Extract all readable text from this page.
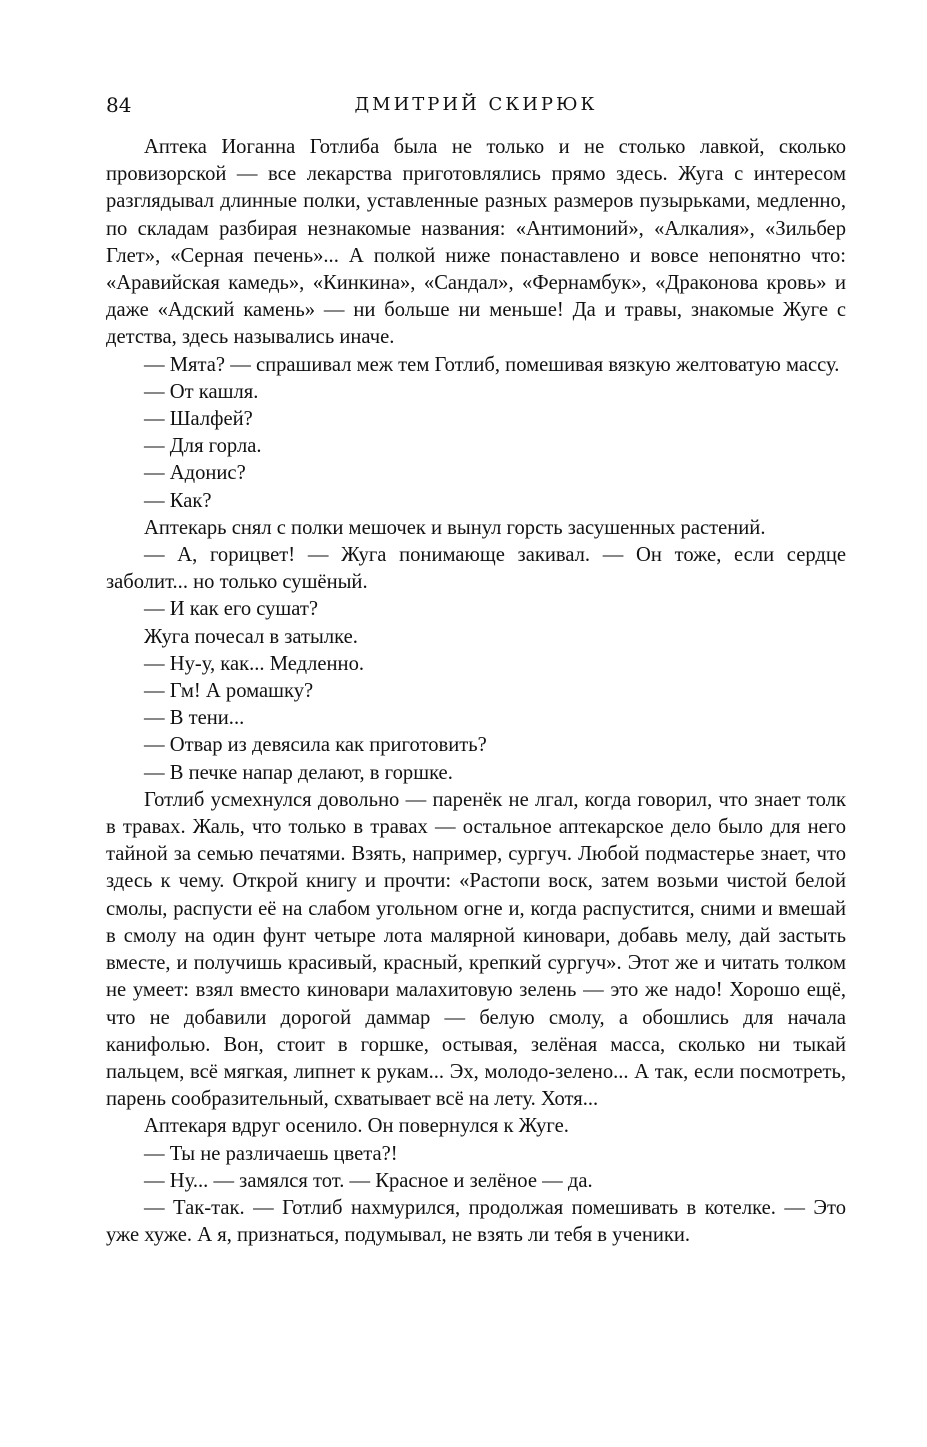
84	ДМИТРИЙ СКИРЮК

Аптека Иоганна Готлиба была не только и не столько лавкой, сколько провизорской — все лекарства приготовлялись прямо здесь. Жуга с интересом разглядывал длинные полки, уставленные разных размеров пузырьками, медленно, по складам разбирая незнакомые названия: «Антимоний», «Алкалия», «Зильбер Глет», «Серная печень»... А полкой ниже понаставлено и вовсе непонятно что: «Аравийская камедь», «Кинкина», «Сандал», «Фернамбук», «Драконова кровь» и даже «Адский камень» — ни больше ни меньше! Да и травы, знакомые Жуге с детства, здесь назывались иначе.

— Мята? — спрашивал меж тем Готлиб, помешивая вязкую желтоватую массу.

— От кашля.

— Шалфей?

— Для горла.

— Адонис?

— Как?

Аптекарь снял с полки мешочек и вынул горсть засушенных растений.

— А, горицвет! — Жуга понимающе закивал. — Он тоже, если сердце заболит... но только сушёный.

— И как его сушат?

Жуга почесал в затылке.

— Ну-у, как... Медленно.

— Гм! А ромашку?

— В тени...

— Отвар из девясила как приготовить?

— В печке напар делают, в горшке.

Готлиб усмехнулся довольно — паренёк не лгал, когда говорил, что знает толк в травах. Жаль, что только в травах — остальное аптекарское дело было для него тайной за семью печатями. Взять, например, сургуч. Любой подмастерье знает, что здесь к чему. Открой книгу и прочти: «Растопи воск, затем возьми чистой белой смолы, распусти её на слабом угольном огне и, когда распустится, сними и вмешай в смолу на один фунт четыре лота малярной киновари, добавь мелу, дай застыть вместе, и получишь красивый, красный, крепкий сургуч». Этот же и читать толком не умеет: взял вместо киновари малахитовую зелень — это же надо! Хорошо ещё, что не добавили дорогой даммар — белую смолу, а обошлись для начала канифолью. Вон, стоит в горшке, остывая, зелёная масса, сколько ни тыкай пальцем, всё мягкая, липнет к рукам... Эх, молодо-зелено... А так, если посмотреть, парень сообразительный, схватывает всё на лету. Хотя...

Аптекаря вдруг осенило. Он повернулся к Жуге.

— Ты не различаешь цвета?!

— Ну... — замялся тот. — Красное и зелёное — да.

— Так-так. — Готлиб нахмурился, продолжая помешивать в котелке. — Это уже хуже. А я, признаться, подумывал, не взять ли тебя в ученики.
